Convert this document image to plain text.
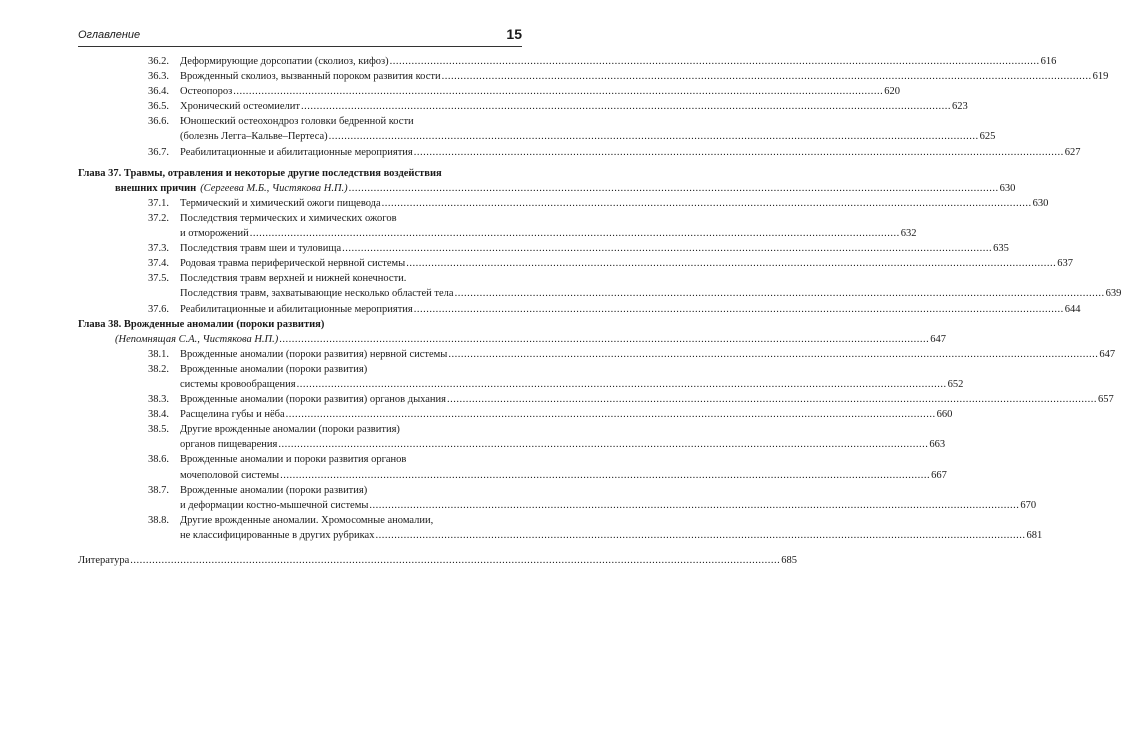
Оглавление	15
36.2.	Деформирующие дорсопатии (сколиоз, кифоз) .....	616
36.3.	Врожденный сколиоз, вызванный пороком развития кости .....	619
36.4.	Остеопороз .....	620
36.5.	Хронический остеомиелит .....	623
36.6.	Юношеский остеохондроз головки бедренной кости
(болезнь Легга–Кальве–Пертеса) .....	625
36.7.	Реабилитационные и абилитационные мероприятия .....	627
Глава 37. Травмы, отравления и некоторые другие последствия воздействия
внешних причин (Сергеева М.Б., Чистякова Н.П.) .....	630
37.1.	Термический и химический ожоги пищевода .....	630
37.2.	Последствия термических и химических ожогов
и отморожений .....	632
37.3.	Последствия травм шеи и туловища .....	635
37.4.	Родовая травма периферической нервной системы .....	637
37.5.	Последствия травм верхней и нижней конечности.
Последствия травм, захватывающие несколько областей тела .....	639
37.6.	Реабилитационные и абилитационные мероприятия .....	644
Глава 38. Врожденные аномалии (пороки развития)
(Непомнящая С.А., Чистякова Н.П.) .....	647
38.1.	Врожденные аномалии (пороки развития) нервной системы .....	647
38.2.	Врожденные аномалии (пороки развития)
системы кровообращения .....	652
38.3.	Врожденные аномалии (пороки развития) органов дыхания .....	657
38.4.	Расщелина губы и нёба .....	660
38.5.	Другие врожденные аномалии (пороки развития)
органов пищеварения .....	663
38.6.	Врожденные аномалии и пороки развития органов
мочеполовой системы .....	667
38.7.	Врожденные аномалии (пороки развития)
и деформации костно-мышечной системы .....	670
38.8.	Другие врожденные аномалии. Хромосомные аномалии,
не классифицированные в других рубриках .....	681
Литература .....	685
